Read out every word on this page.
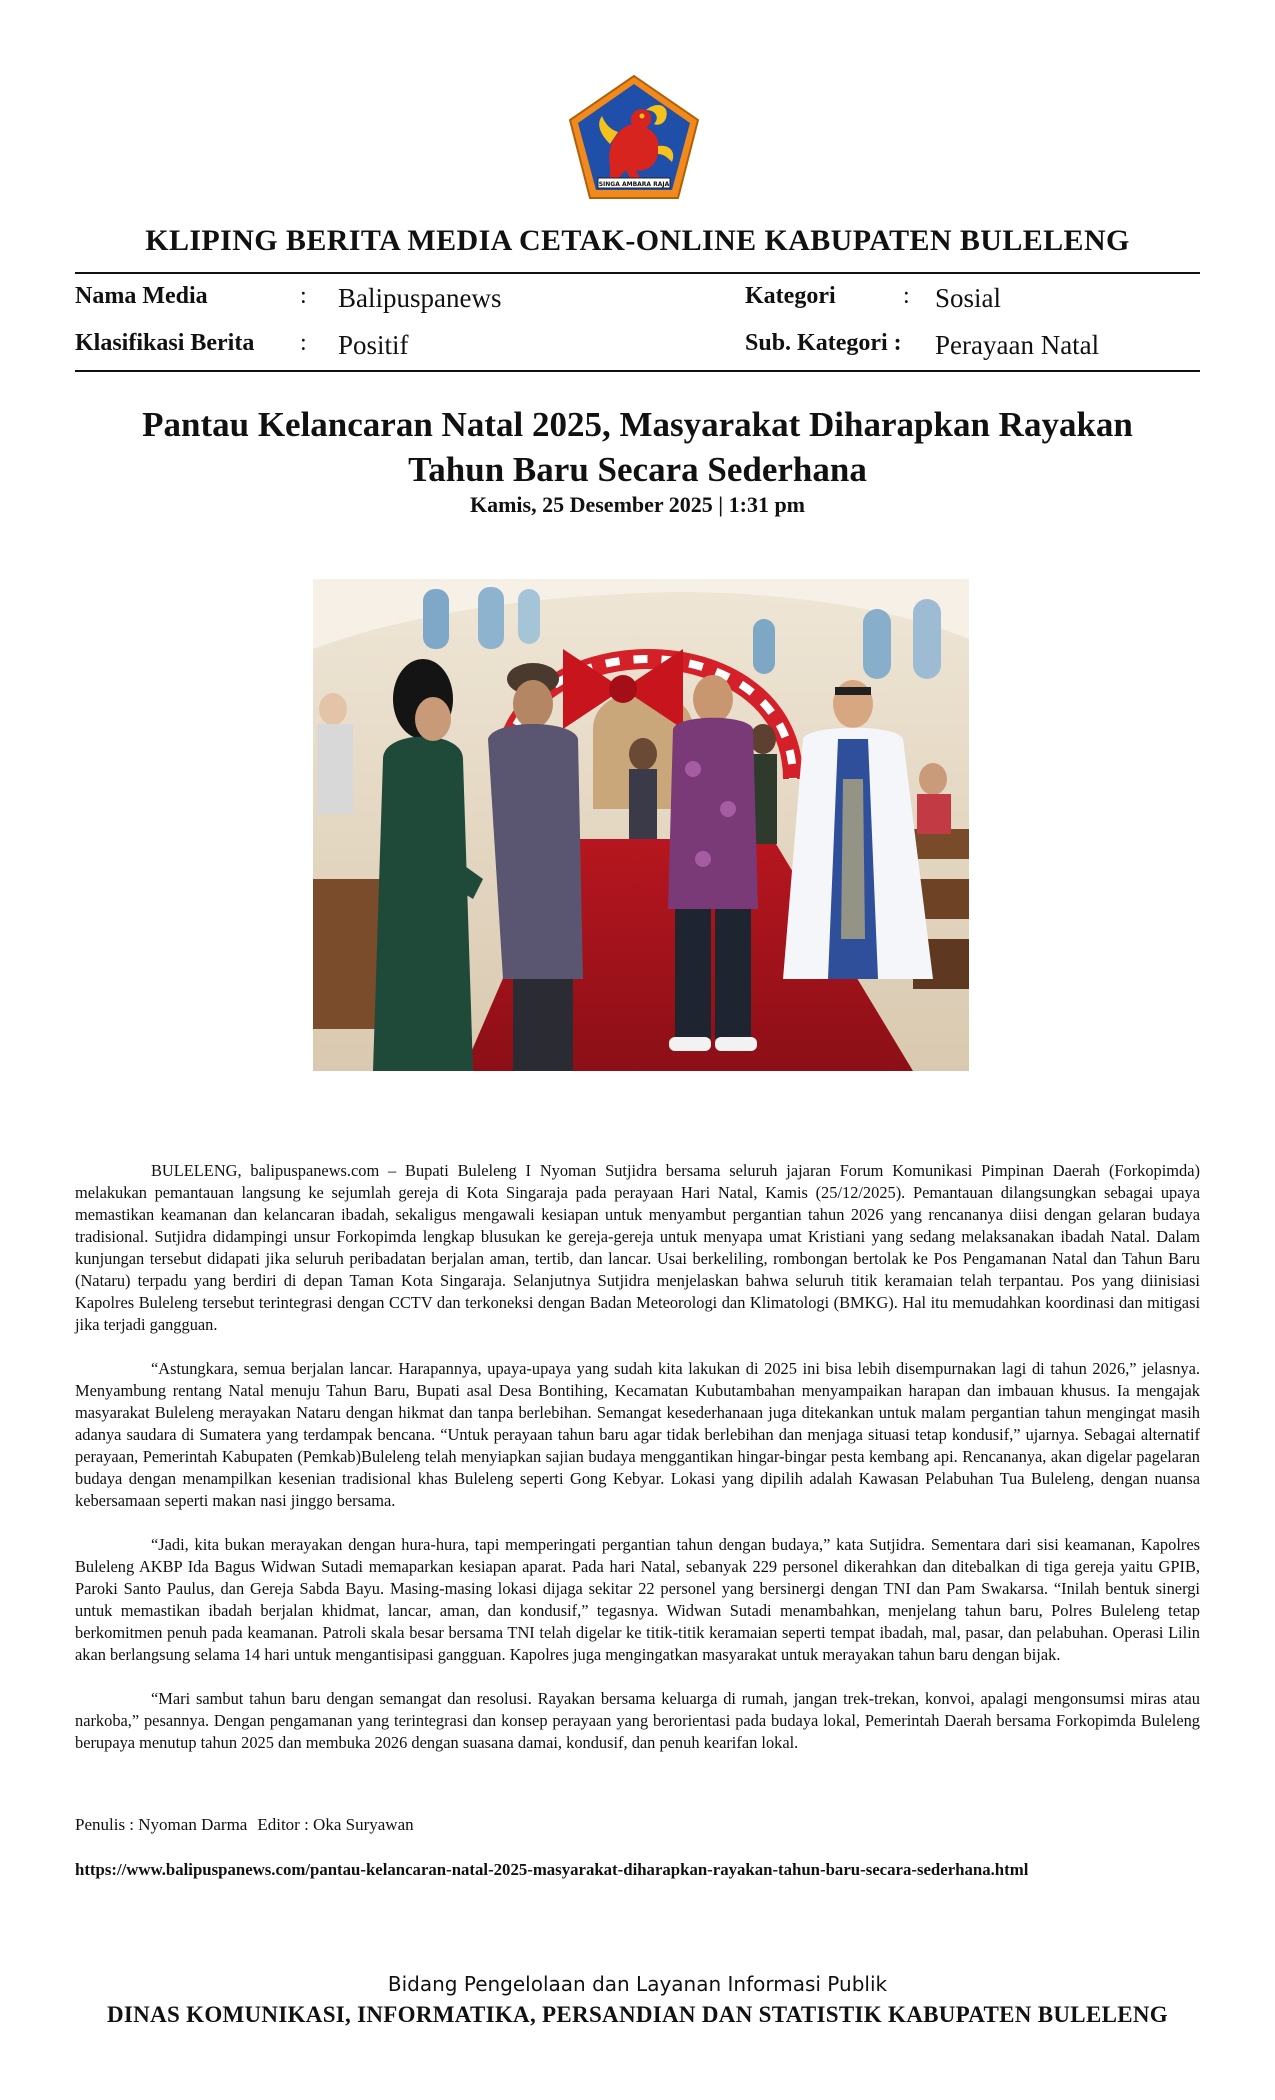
SINGA AMBARA RAJA
KLIPING BERITA MEDIA CETAK-ONLINE KABUPATEN BULELENG
Nama Media	: Balipuspanews	Kategori	: Sosial
Klasifikasi Berita : Positif	Sub. Kategori : Perayaan Natal
Pantau Kelancaran Natal 2025, Masyarakat Diharapkan Rayakan
Tahun Baru Secara Sederhana
Kamis, 25 Desember 2025 | 1:31 pm

BULELENG, balipuspanews.com – Bupati Buleleng I Nyoman Sutjidra bersama seluruh jajaran Forum Komunikasi Pimpinan Daerah (Forkopimda) melakukan pemantauan langsung ke sejumlah gereja di Kota Singaraja pada perayaan Hari Natal, Kamis (25/12/2025). Pemantauan dilangsungkan sebagai upaya memastikan keamanan dan kelancaran ibadah, sekaligus mengawali kesiapan untuk menyambut pergantian tahun 2026 yang rencananya diisi dengan gelaran budaya tradisional. Sutjidra didampingi unsur Forkopimda lengkap blusukan ke gereja-gereja untuk menyapa umat Kristiani yang sedang melaksanakan ibadah Natal. Dalam kunjungan tersebut didapati jika seluruh peribadatan berjalan aman, tertib, dan lancar. Usai berkeliling, rombongan bertolak ke Pos Pengamanan Natal dan Tahun Baru (Nataru) terpadu yang berdiri di depan Taman Kota Singaraja. Selanjutnya Sutjidra menjelaskan bahwa seluruh titik keramaian telah terpantau. Pos yang diinisiasi Kapolres Buleleng tersebut terintegrasi dengan CCTV dan terkoneksi dengan Badan Meteorologi dan Klimatologi (BMKG). Hal itu memudahkan koordinasi dan mitigasi jika terjadi gangguan.

“Astungkara, semua berjalan lancar. Harapannya, upaya-upaya yang sudah kita lakukan di 2025 ini bisa lebih disempurnakan lagi di tahun 2026,” jelasnya. Menyambung rentang Natal menuju Tahun Baru, Bupati asal Desa Bontihing, Kecamatan Kubutambahan menyampaikan harapan dan imbauan khusus. Ia mengajak masyarakat Buleleng merayakan Nataru dengan hikmat dan tanpa berlebihan. Semangat kesederhanaan juga ditekankan untuk malam pergantian tahun mengingat masih adanya saudara di Sumatera yang terdampak bencana. “Untuk perayaan tahun baru agar tidak berlebihan dan menjaga situasi tetap kondusif,” ujarnya. Sebagai alternatif perayaan, Pemerintah Kabupaten (Pemkab)Buleleng telah menyiapkan sajian budaya menggantikan hingar-bingar pesta kembang api. Rencananya, akan digelar pagelaran budaya dengan menampilkan kesenian tradisional khas Buleleng seperti Gong Kebyar. Lokasi yang dipilih adalah Kawasan Pelabuhan Tua Buleleng, dengan nuansa kebersamaan seperti makan nasi jinggo bersama.

“Jadi, kita bukan merayakan dengan hura-hura, tapi memperingati pergantian tahun dengan budaya,” kata Sutjidra. Sementara dari sisi keamanan, Kapolres Buleleng AKBP Ida Bagus Widwan Sutadi memaparkan kesiapan aparat. Pada hari Natal, sebanyak 229 personel dikerahkan dan ditebalkan di tiga gereja yaitu GPIB, Paroki Santo Paulus, dan Gereja Sabda Bayu. Masing-masing lokasi dijaga sekitar 22 personel yang bersinergi dengan TNI dan Pam Swakarsa. “Inilah bentuk sinergi untuk memastikan ibadah berjalan khidmat, lancar, aman, dan kondusif,” tegasnya. Widwan Sutadi menambahkan, menjelang tahun baru, Polres Buleleng tetap berkomitmen penuh pada keamanan. Patroli skala besar bersama TNI telah digelar ke titik-titik keramaian seperti tempat ibadah, mal, pasar, dan pelabuhan. Operasi Lilin akan berlangsung selama 14 hari untuk mengantisipasi gangguan. Kapolres juga mengingatkan masyarakat untuk merayakan tahun baru dengan bijak.

“Mari sambut tahun baru dengan semangat dan resolusi. Rayakan bersama keluarga di rumah, jangan trek-trekan, konvoi, apalagi mengonsumsi miras atau narkoba,” pesannya. Dengan pengamanan yang terintegrasi dan konsep perayaan yang berorientasi pada budaya lokal, Pemerintah Daerah bersama Forkopimda Buleleng berupaya menutup tahun 2025 dan membuka 2026 dengan suasana damai, kondusif, dan penuh kearifan lokal.

Penulis : Nyoman Darma Editor : Oka Suryawan
https://www.balipuspanews.com/pantau-kelancaran-natal-2025-masyarakat-diharapkan-rayakan-tahun-baru-secara-sederhana.html
Bidang Pengelolaan dan Layanan Informasi Publik
DINAS KOMUNIKASI, INFORMATIKA, PERSANDIAN DAN STATISTIK KABUPATEN BULELENG
